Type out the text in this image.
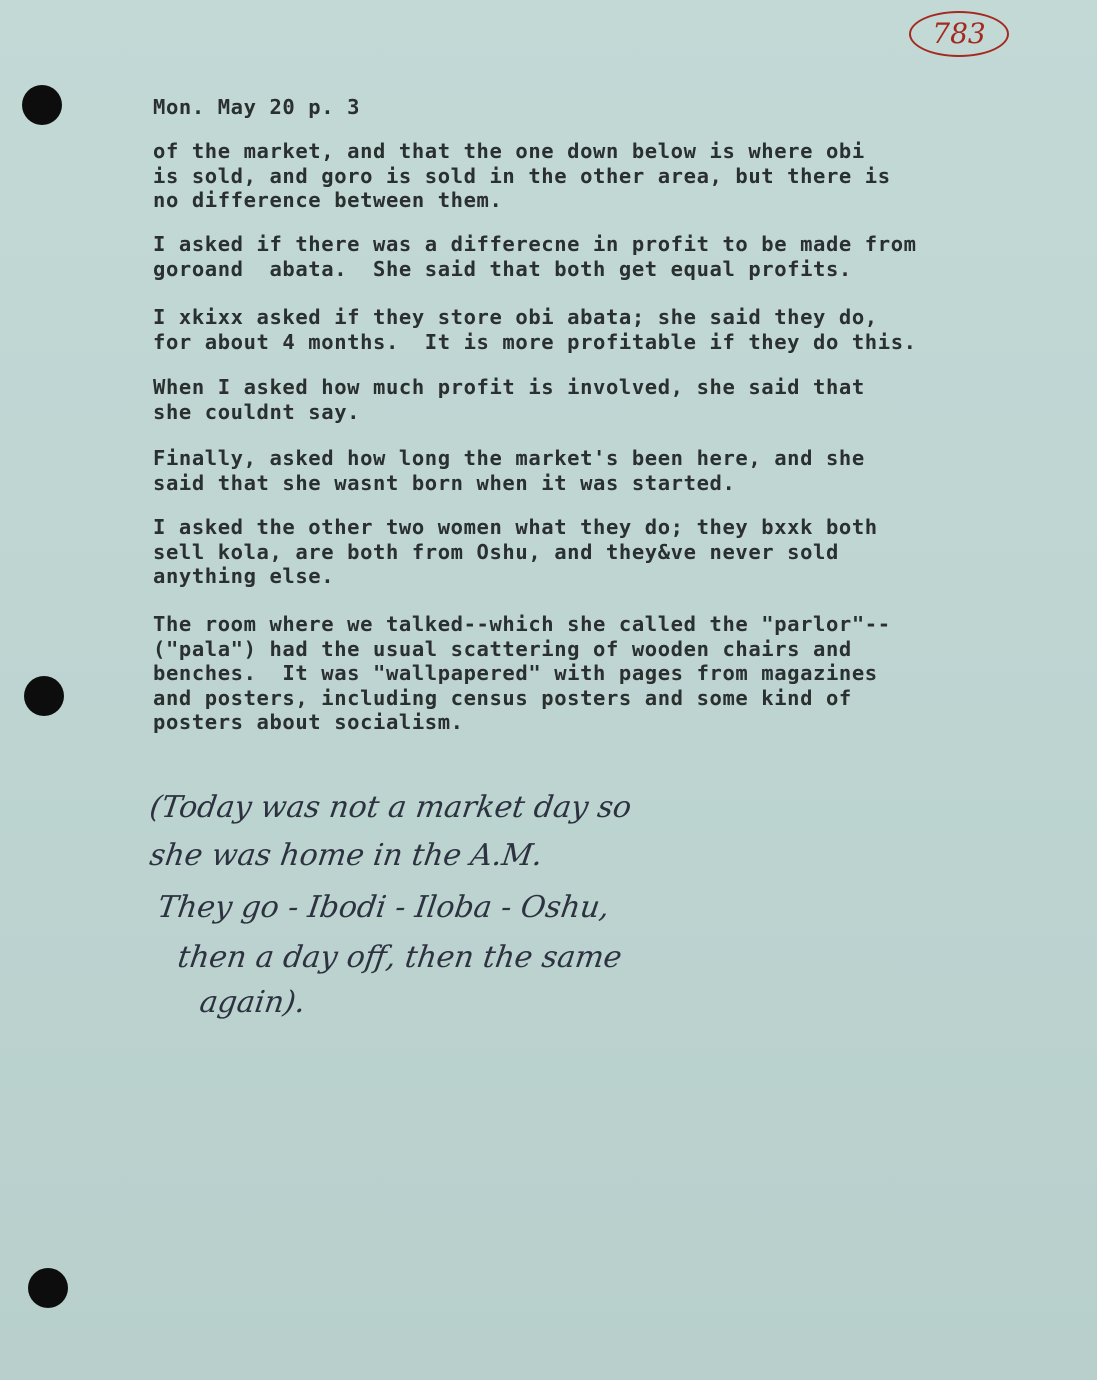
783
Mon. May 20 p. 3
of the market, and that the one down below is where obi
is sold, and goro is sold in the other area, but there is
no difference between them.
I asked if there was a differecne in profit to be made from
goroand  abata.  She said that both get equal profits.
I xkixx asked if they store obi abata; she said they do,
for about 4 months.  It is more profitable if they do this.
When I asked how much profit is involved, she said that
she couldnt say.
Finally, asked how long the market's been here, and she
said that she wasnt born when it was started.
I asked the other two women what they do; they bxxk both
sell kola, are both from Oshu, and they&ve never sold
anything else.
The room where we talked--which she called the "parlor"--
("pala") had the usual scattering of wooden chairs and
benches.  It was "wallpapered" with pages from magazines
and posters, including census posters and some kind of
posters about socialism.
(Today was not a market day so
she was home in the A.M.
They go - Ibodi - Iloba - Oshu,
then a day off, then the same
again).
